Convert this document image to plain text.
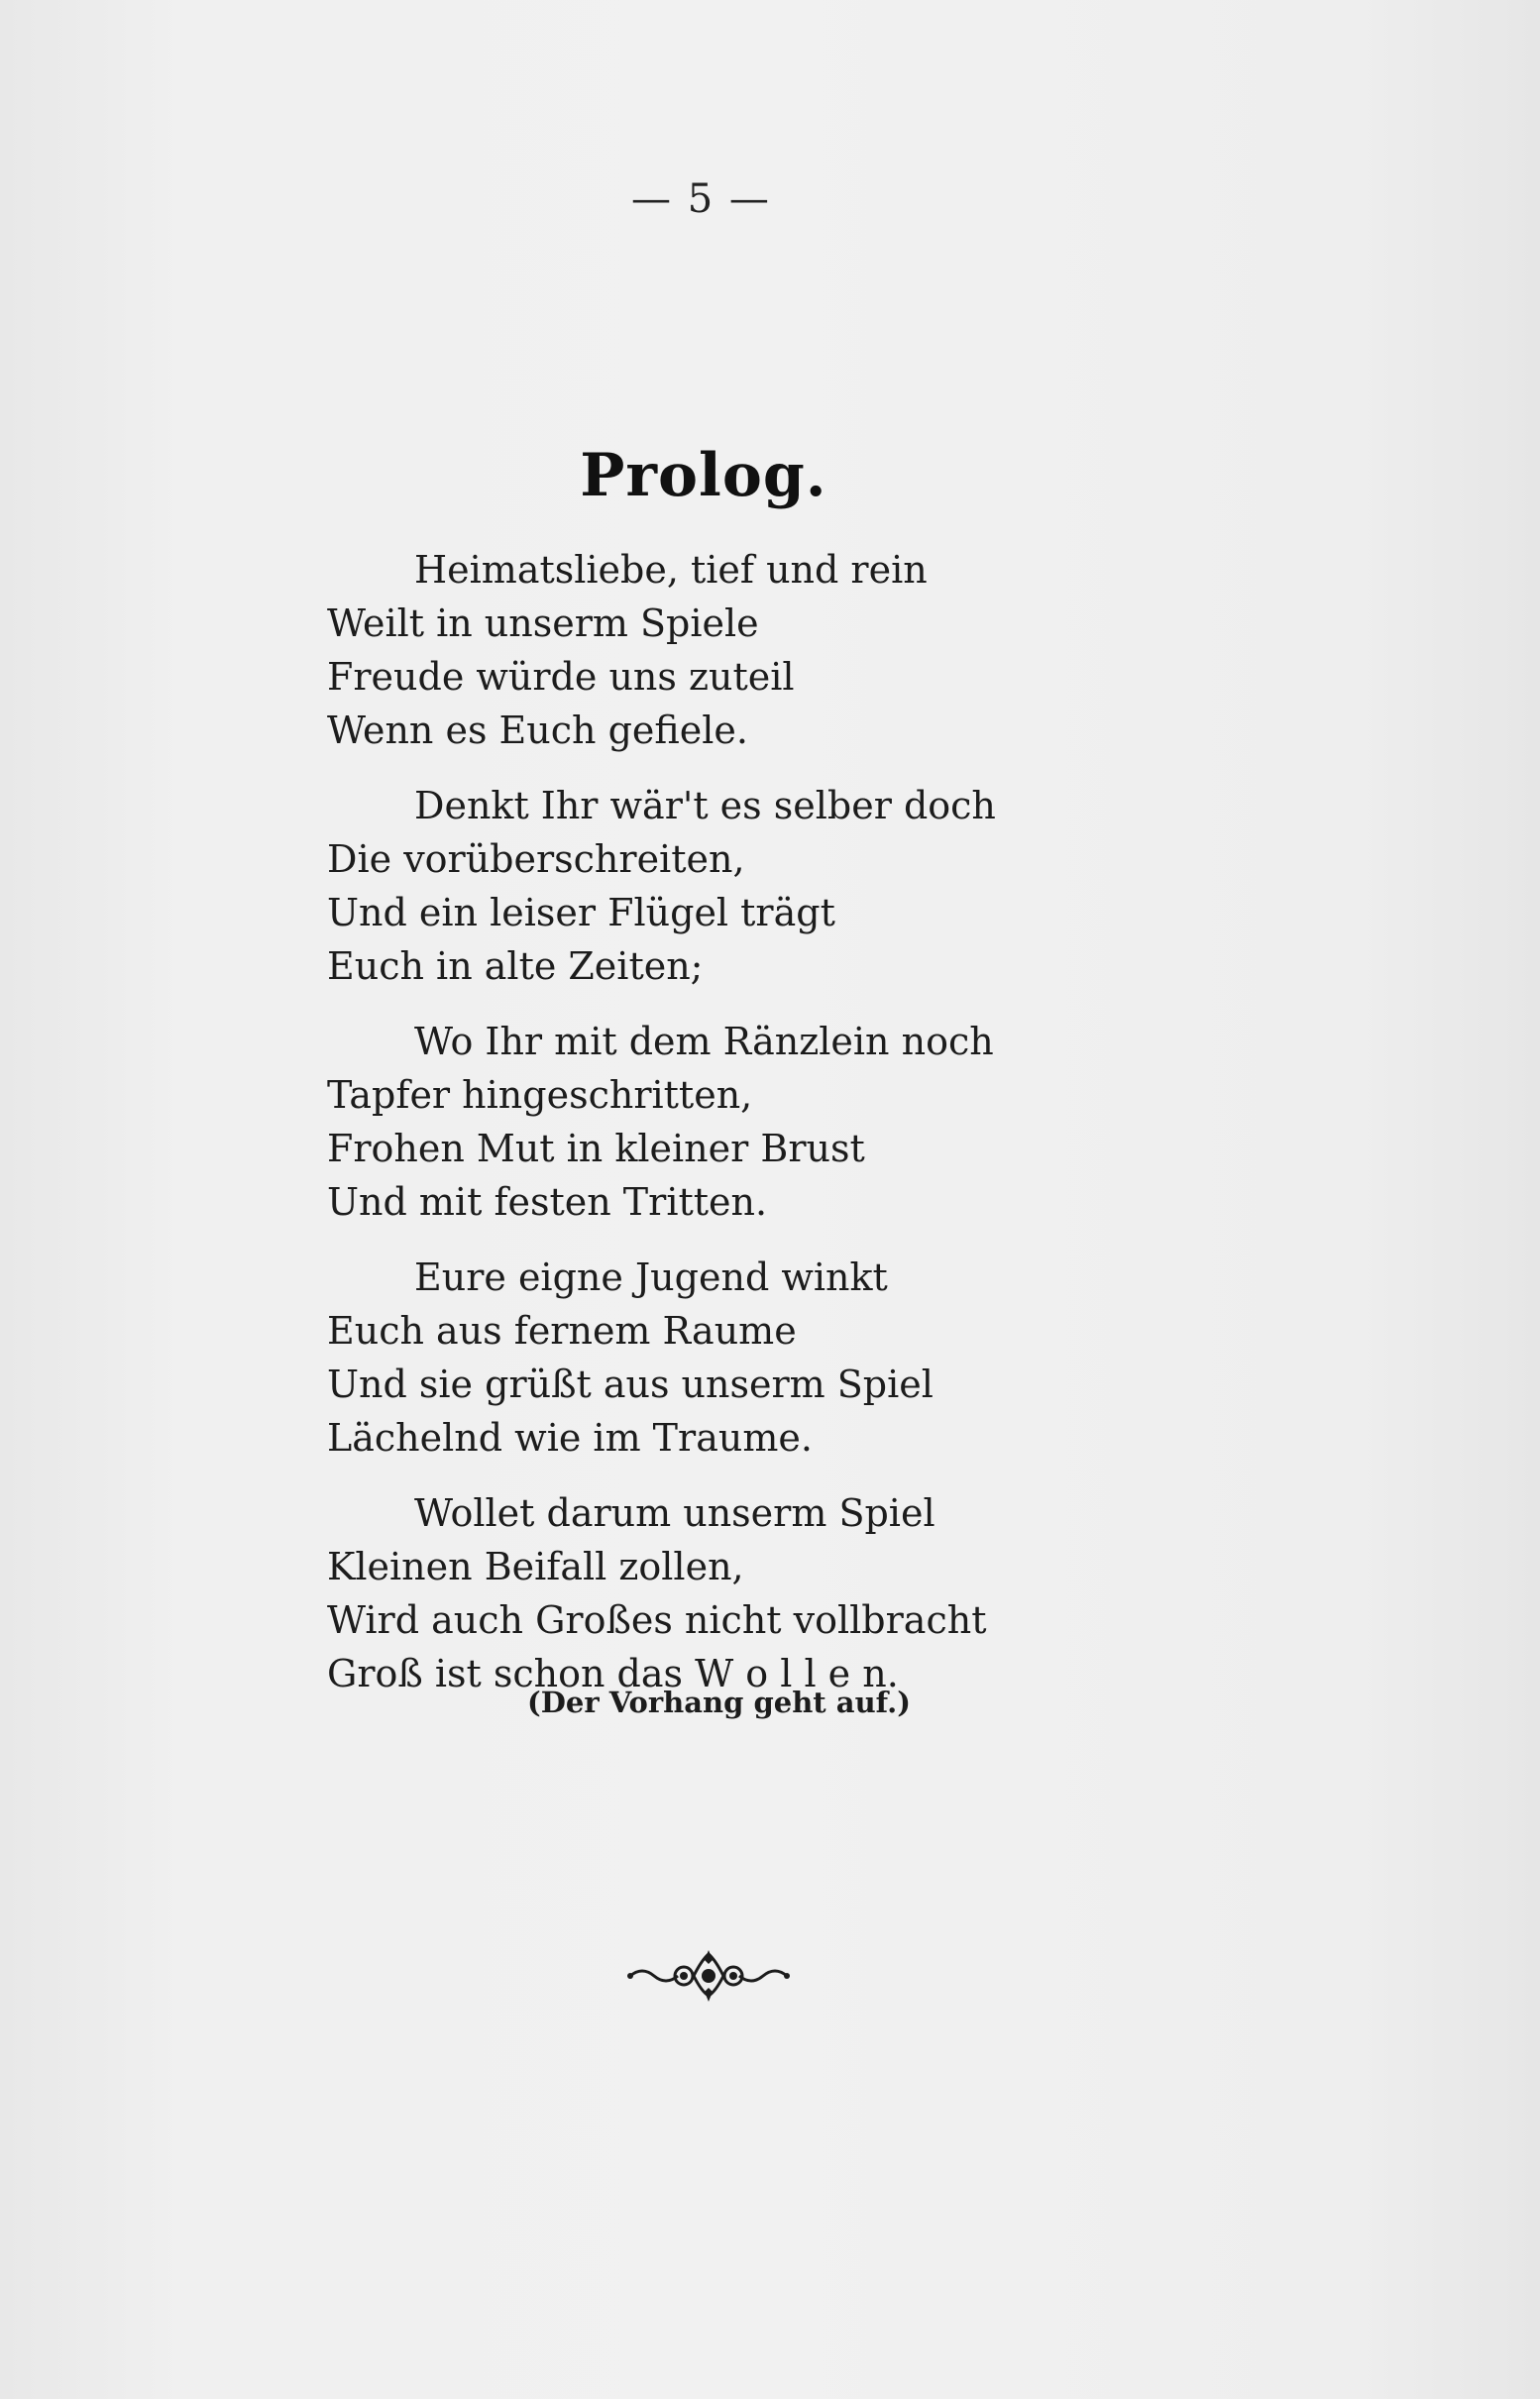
— 5 —
Prolog.
Heimatsliebe, tief und rein
Weilt in unserm Spiele
Freude würde uns zuteil
Wenn es Euch gefiele.
Denkt Ihr wär't es selber doch
Die vorüberschreiten,
Und ein leiser Flügel trägt
Euch in alte Zeiten;
Wo Ihr mit dem Ränzlein noch
Tapfer hingeschritten,
Frohen Mut in kleiner Brust
Und mit festen Tritten.
Eure eigne Jugend winkt
Euch aus fernem Raume
Und sie grüßt aus unserm Spiel
Lächelnd wie im Traume.
Wollet darum unserm Spiel
Kleinen Beifall zollen,
Wird auch Großes nicht vollbracht
Groß ist schon das W o l l e n.
(Der Vorhang geht auf.)
